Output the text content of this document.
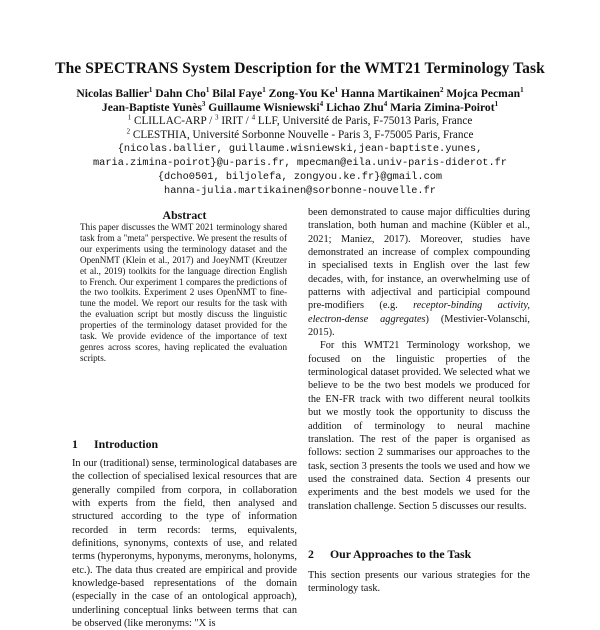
The SPECTRANS System Description for the WMT21 Terminology Task
Nicolas Ballier$^1$ Dahn Cho$^1$ Bilal Faye$^1$ Zong-You Ke$^1$ Hanna Martikainen$^2$ Mojca Pecman$^1$
Jean-Baptiste Yunès$^3$ Guillaume Wisniewski$^4$ Lichao Zhu$^4$ Maria Zimina-Poirot$^1$
$^1$ CLILLAC-ARP / $^3$ IRIT / $^4$ LLF, Université de Paris, F-75013 Paris, France
$^2$ CLESTHIA, Université Sorbonne Nouvelle - Paris 3, F-75005 Paris, France
{nicolas.ballier, guillaume.wisniewski,jean-baptiste.yunes,
maria.zimina-poirot}@u-paris.fr, mpecman@eila.univ-paris-diderot.fr
{dcho0501, biljolefa, zongyou.ke.fr}@gmail.com
hanna-julia.martikainen@sorbonne-nouvelle.fr
Abstract
This paper discusses the WMT 2021 terminology shared task from a "meta" perspective. We present the results of our experiments using the terminology dataset and the OpenNMT (Klein et al., 2017) and JoeyNMT (Kreutzer et al., 2019) toolkits for the language direction English to French. Our experiment 1 compares the predictions of the two toolkits. Experiment 2 uses OpenNMT to fine-tune the model. We report our results for the task with the evaluation script but mostly discuss the linguistic properties of the terminology dataset provided for the task. We provide evidence of the importance of text genres across scores, having replicated the evaluation scripts.
1 Introduction

In our (traditional) sense, terminological databases are the collection of specialised lexical resources that are generally compiled from corpora, in collaboration with experts from the field, then analysed and structured according to the type of information recorded in term records: terms, equivalents, definitions, synonyms, contexts of use, and related terms (hyperonyms, hyponyms, meronyms, holonyms, etc.). The data thus created are empirical and provide knowledge-based representations of the domain (especially in the case of an ontological approach), underlining conceptual links between terms that can be observed (like meronyms: "X is

been demonstrated to cause major difficulties during translation, both human and machine (Kübler et al., 2021; Maniez, 2017). Moreover, studies have demonstrated an increase of complex compounding in specialised texts in English over the last few decades, with, for instance, an overwhelming use of patterns with adjectival and participial compound pre-modifiers (e.g. receptor-binding activity, electron-dense aggregates) (Mestivier-Volanschi, 2015).

For this WMT21 Terminology workshop, we focused on the linguistic properties of the terminological dataset provided. We selected what we believe to be the two best models we produced for the EN-FR track with two different neural toolkits but we mostly took the opportunity to discuss the addition of terminology to neural machine translation. The rest of the paper is organised as follows: section 2 summarises our approaches to the task, section 3 presents the tools we used and how we used the constrained data. Section 4 presents our experiments and the best models we used for the translation challenge. Section 5 discusses our results.

2 Our Approaches to the Task

This section presents our various strategies for the terminology task.
